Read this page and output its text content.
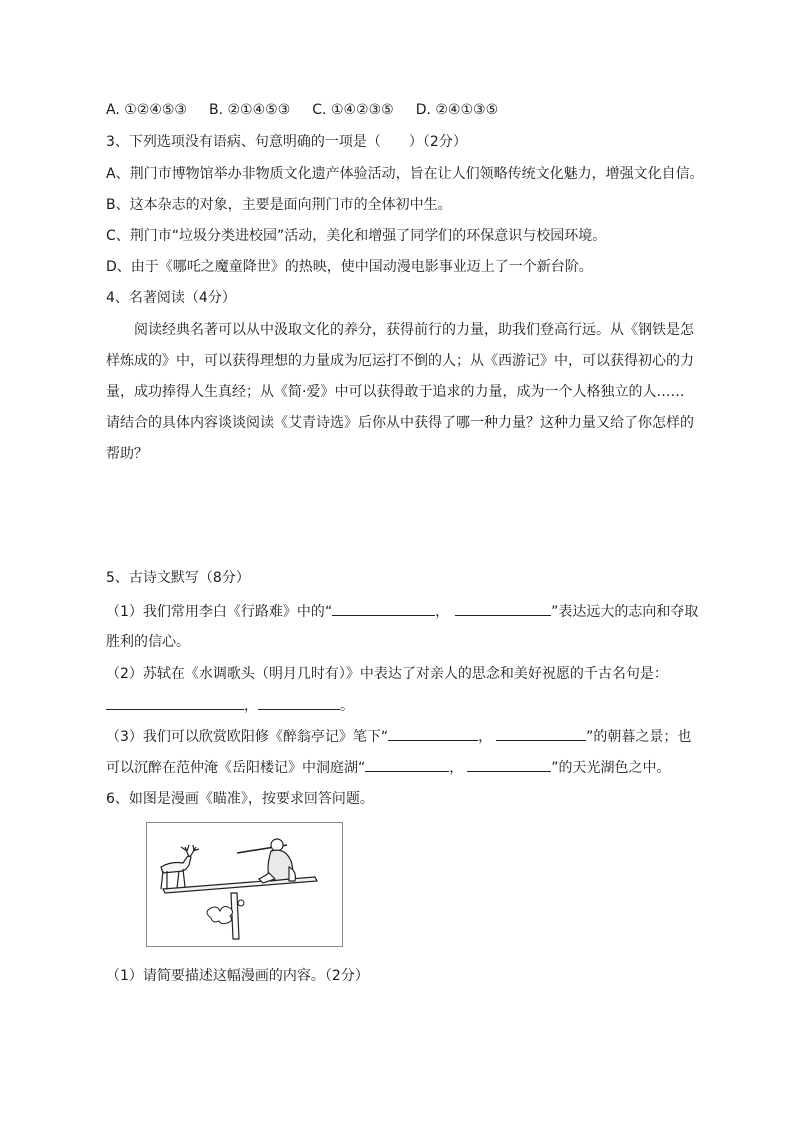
A. ①②④⑤③ B. ②①④⑤③ C. ①④②③⑤ D. ②④①③⑤
3、下列选项没有语病、句意明确的一项是（　　）（2分）
A、荆门市博物馆举办非物质文化遗产体验活动，旨在让人们领略传统文化魅力，增强文化自信。
B、这本杂志的对象，主要是面向荆门市的全体初中生。
C、荆门市“垃圾分类进校园”活动，美化和增强了同学们的环保意识与校园环境。
D、由于《哪吒之魔童降世》的热映，使中国动漫电影事业迈上了一个新台阶。
4、名著阅读（4分）
阅读经典名著可以从中汲取文化的养分，获得前行的力量，助我们登高行远。从《钢铁是怎
样炼成的》中，可以获得理想的力量成为厄运打不倒的人；从《西游记》中，可以获得初心的力
量，成功捧得人生真经；从《简·爱》中可以获得敢于追求的力量，成为一个人格独立的人……
请结合的具体内容谈谈阅读《艾青诗选》后你从中获得了哪一种力量？这种力量又给了你怎样的
帮助？
5、古诗文默写（8分）
（1）我们常用李白《行路难》中的“	，	”表达远大的志向和夺取
胜利的信心。
（2）苏轼在《水调歌头（明月几时有）》中表达了对亲人的思念和美好祝愿的千古名句是：
，	。
（3）我们可以欣赏欧阳修《醉翁亭记》笔下“	，	”的朝暮之景；也
可以沉醉在范仲淹《岳阳楼记》中洞庭湖“	，	”的天光湖色之中。
6、如图是漫画《瞄准》，按要求回答问题。
（1）请简要描述这幅漫画的内容。（2分）
